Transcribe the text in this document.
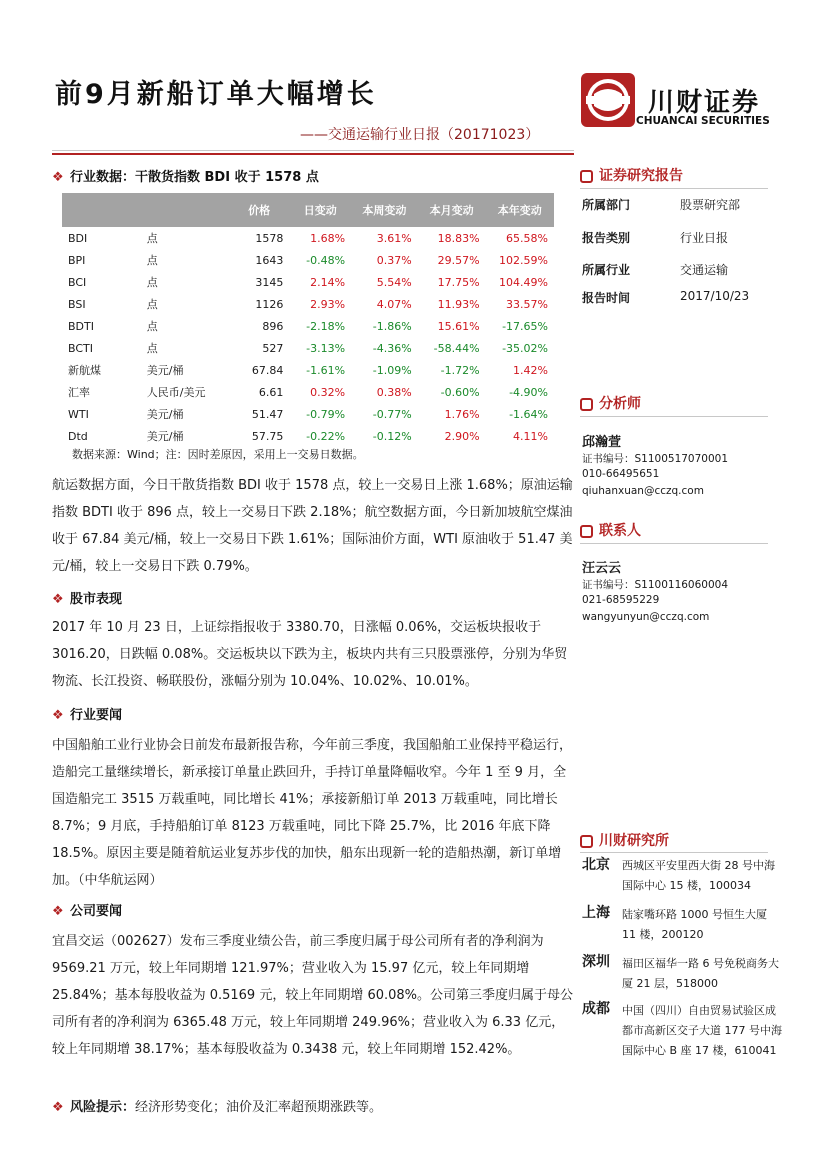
前9月新船订单大幅增长
——交通运输行业日报（20171023）
川财证券
CHUANCAI SECURITIES
❖ 行业数据：干散货指数 BDI 收于 1578 点
		价格	日变动	本周变动	本月变动	本年变动
BDI	点	1578	1.68%	3.61%	18.83%	65.58%
BPI	点	1643	-0.48%	0.37%	29.57%	102.59%
BCI	点	3145	2.14%	5.54%	17.75%	104.49%
BSI	点	1126	2.93%	4.07%	11.93%	33.57%
BDTI	点	896	-2.18%	-1.86%	15.61%	-17.65%
BCTI	点	527	-3.13%	-4.36%	-58.44%	-35.02%
新航煤	美元/桶	67.84	-1.61%	-1.09%	-1.72%	1.42%
汇率	人民币/美元	6.61	0.32%	0.38%	-0.60%	-4.90%
WTI	美元/桶	51.47	-0.79%	-0.77%	1.76%	-1.64%
Dtd	美元/桶	57.75	-0.22%	-0.12%	2.90%	4.11%
数据来源：Wind；注：因时差原因，采用上一交易日数据。
航运数据方面，今日干散货指数 BDI 收于 1578 点，较上一交易日上涨 1.68%；原油运输指数 BDTI 收于 896 点，较上一交易日下跌 2.18%；航空数据方面，今日新加坡航空煤油收于 67.84 美元/桶，较上一交易日下跌 1.61%；国际油价方面，WTI 原油收于 51.47 美元/桶，较上一交易日下跌 0.79%。
❖ 股市表现
2017 年 10 月 23 日，上证综指报收于 3380.70，日涨幅 0.06%，交运板块报收于 3016.20，日跌幅 0.08%。交运板块以下跌为主，板块内共有三只股票涨停，分别为华贸物流、长江投资、畅联股份，涨幅分别为 10.04%、10.02%、10.01%。
❖ 行业要闻
中国船舶工业行业协会日前发布最新报告称，今年前三季度，我国船舶工业保持平稳运行，造船完工量继续增长，新承接订单量止跌回升，手持订单量降幅收窄。今年 1 至 9 月，全国造船完工 3515 万载重吨，同比增长 41%；承接新船订单 2013 万载重吨，同比增长 8.7%；9 月底，手持船舶订单 8123 万载重吨，同比下降 25.7%，比 2016 年底下降 18.5%。原因主要是随着航运业复苏步伐的加快，船东出现新一轮的造船热潮，新订单增加。（中华航运网）
❖ 公司要闻
宜昌交运（002627）发布三季度业绩公告，前三季度归属于母公司所有者的净利润为 9569.21 万元，较上年同期增 121.97%；营业收入为 15.97 亿元，较上年同期增 25.84%；基本每股收益为 0.5169 元，较上年同期增 60.08%。公司第三季度归属于母公司所有者的净利润为 6365.48 万元，较上年同期增 249.96%；营业收入为 6.33 亿元，较上年同期增 38.17%；基本每股收益为 0.3438 元，较上年同期增 152.42%。
❖ 风险提示：经济形势变化；油价及汇率超预期涨跌等。
证券研究报告
所属部门	股票研究部
报告类别	行业日报
所属行业	交通运输
报告时间	2017/10/23
分析师
邱瀚萱
证书编号：S1100517070001
010-66495651
qiuhanxuan@cczq.com
联系人
汪云云
证书编号：S1100116060004
021-68595229
wangyunyun@cczq.com
川财研究所
北京 西城区平安里西大街 28 号中海国际中心 15 楼，100034
上海 陆家嘴环路 1000 号恒生大厦 11 楼，200120
深圳 福田区福华一路 6 号免税商务大厦 21 层，518000
成都 中国（四川）自由贸易试验区成都市高新区交子大道 177 号中海国际中心 B 座 17 楼，610041
